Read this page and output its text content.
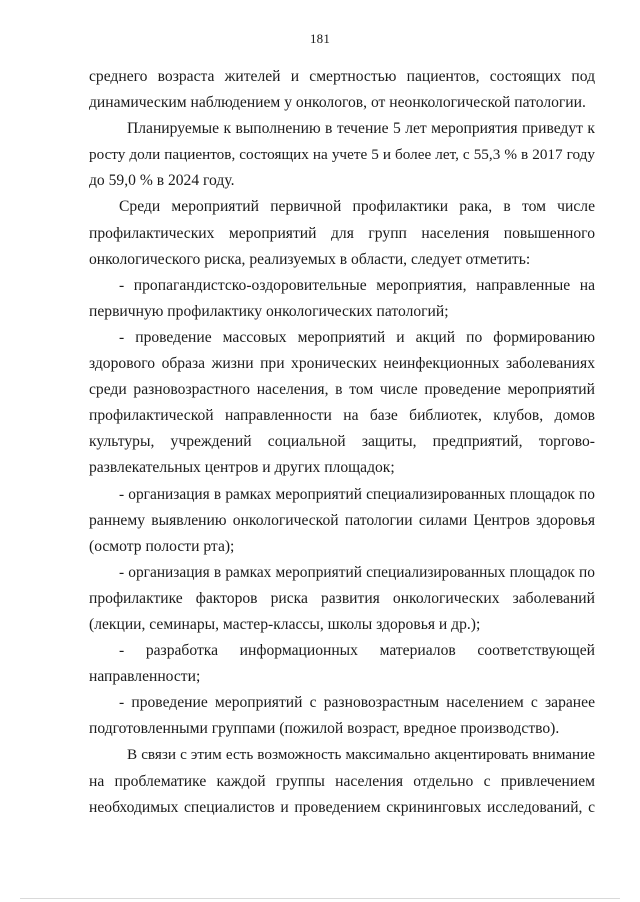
181
среднего возраста жителей и смертностью пациентов, состоящих под
динамическим наблюдением у онкологов, от неонкологической патологии.
Планируемые к выполнению в течение 5 лет мероприятия приведут к
росту доли пациентов, состоящих на учете 5 и более лет, с 55,3 % в 2017 году
до 59,0 % в 2024 году.
Среди мероприятий первичной профилактики рака, в том числе
профилактических мероприятий для групп населения повышенного
онкологического риска, реализуемых в области, следует отметить:
- пропагандистско-оздоровительные мероприятия, направленные на
первичную профилактику онкологических патологий;
- проведение массовых мероприятий и акций по формированию
здорового образа жизни при хронических неинфекционных заболеваниях
среди разновозрастного населения, в том числе проведение мероприятий
профилактической направленности на базе библиотек, клубов, домов
культуры, учреждений социальной защиты, предприятий, торгово-
развлекательных центров и других площадок;
- организация в рамках мероприятий специализированных площадок по
раннему выявлению онкологической патологии силами Центров здоровья
(осмотр полости рта);
- организация в рамках мероприятий специализированных площадок по
профилактике факторов риска развития онкологических заболеваний
(лекции, семинары, мастер-классы, школы здоровья и др.);
- разработка информационных материалов соответствующей
направленности;
- проведение мероприятий с разновозрастным населением с заранее
подготовленными группами (пожилой возраст, вредное производство).
В связи с этим есть возможность максимально акцентировать внимание
на проблематике каждой группы населения отдельно с привлечением
необходимых специалистов и проведением скрининговых исследований, с
